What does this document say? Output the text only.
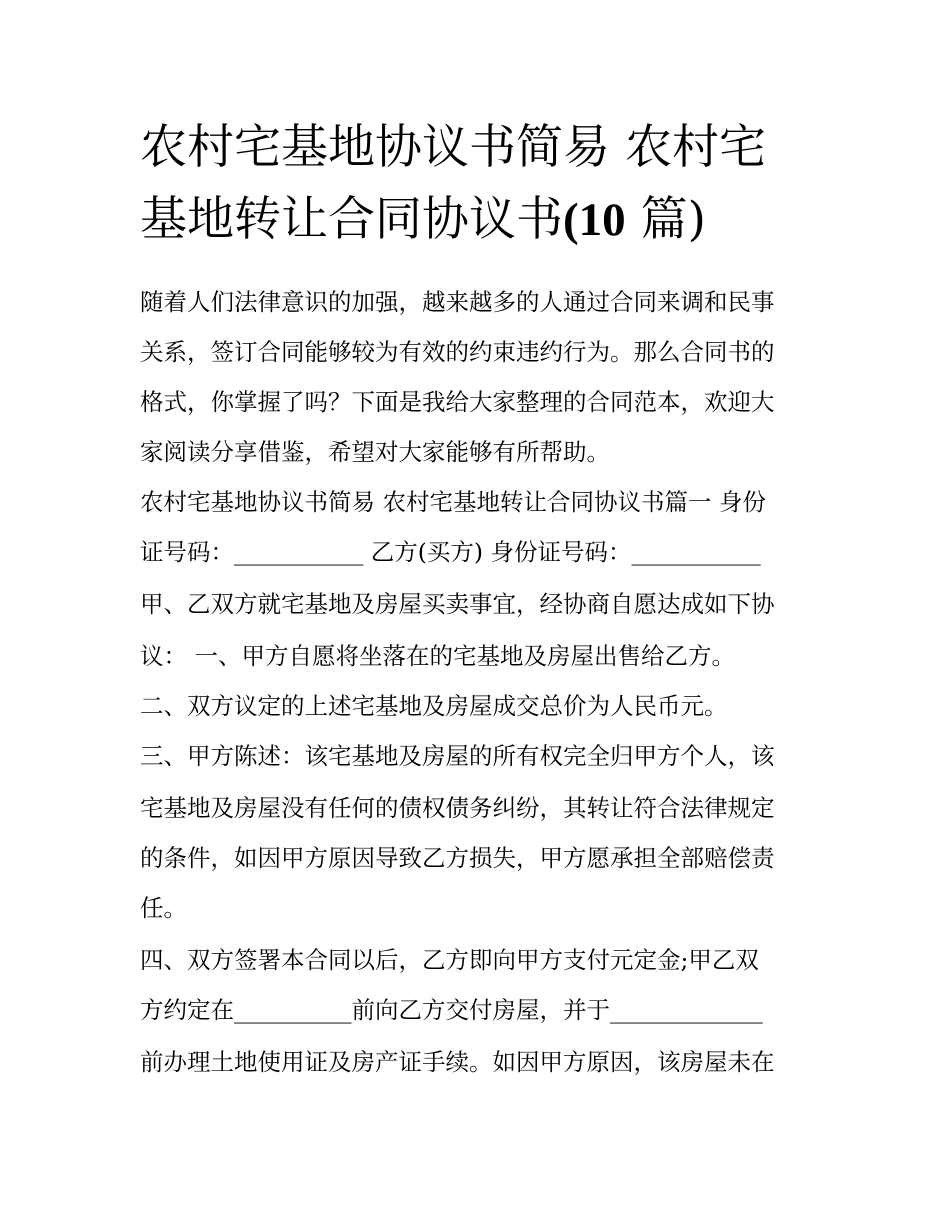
农村宅基地协议书简易 农村宅
基地转让合同协议书(10 篇)

随着人们法律意识的加强，越来越多的人通过合同来调和民事

关系，签订合同能够较为有效的约束违约行为。那么合同书的

格式，你掌握了吗？下面是我给大家整理的合同范本，欢迎大

家阅读分享借鉴，希望对大家能够有所帮助。

农村宅基地协议书简易 农村宅基地转让合同协议书篇一 身份

证号码：___________ 乙方(买方) 身份证号码：___________

甲、乙双方就宅基地及房屋买卖事宜，经协商自愿达成如下协

议： 一、甲方自愿将坐落在的宅基地及房屋出售给乙方。

二、双方议定的上述宅基地及房屋成交总价为人民币元。

三、甲方陈述：该宅基地及房屋的所有权完全归甲方个人，该

宅基地及房屋没有任何的债权债务纠纷，其转让符合法律规定

的条件，如因甲方原因导致乙方损失，甲方愿承担全部赔偿责

任。

四、双方签署本合同以后，乙方即向甲方支付元定金;甲乙双

方约定在__________前向乙方交付房屋，并于_____________

前办理土地使用证及房产证手续。如因甲方原因，该房屋未在
